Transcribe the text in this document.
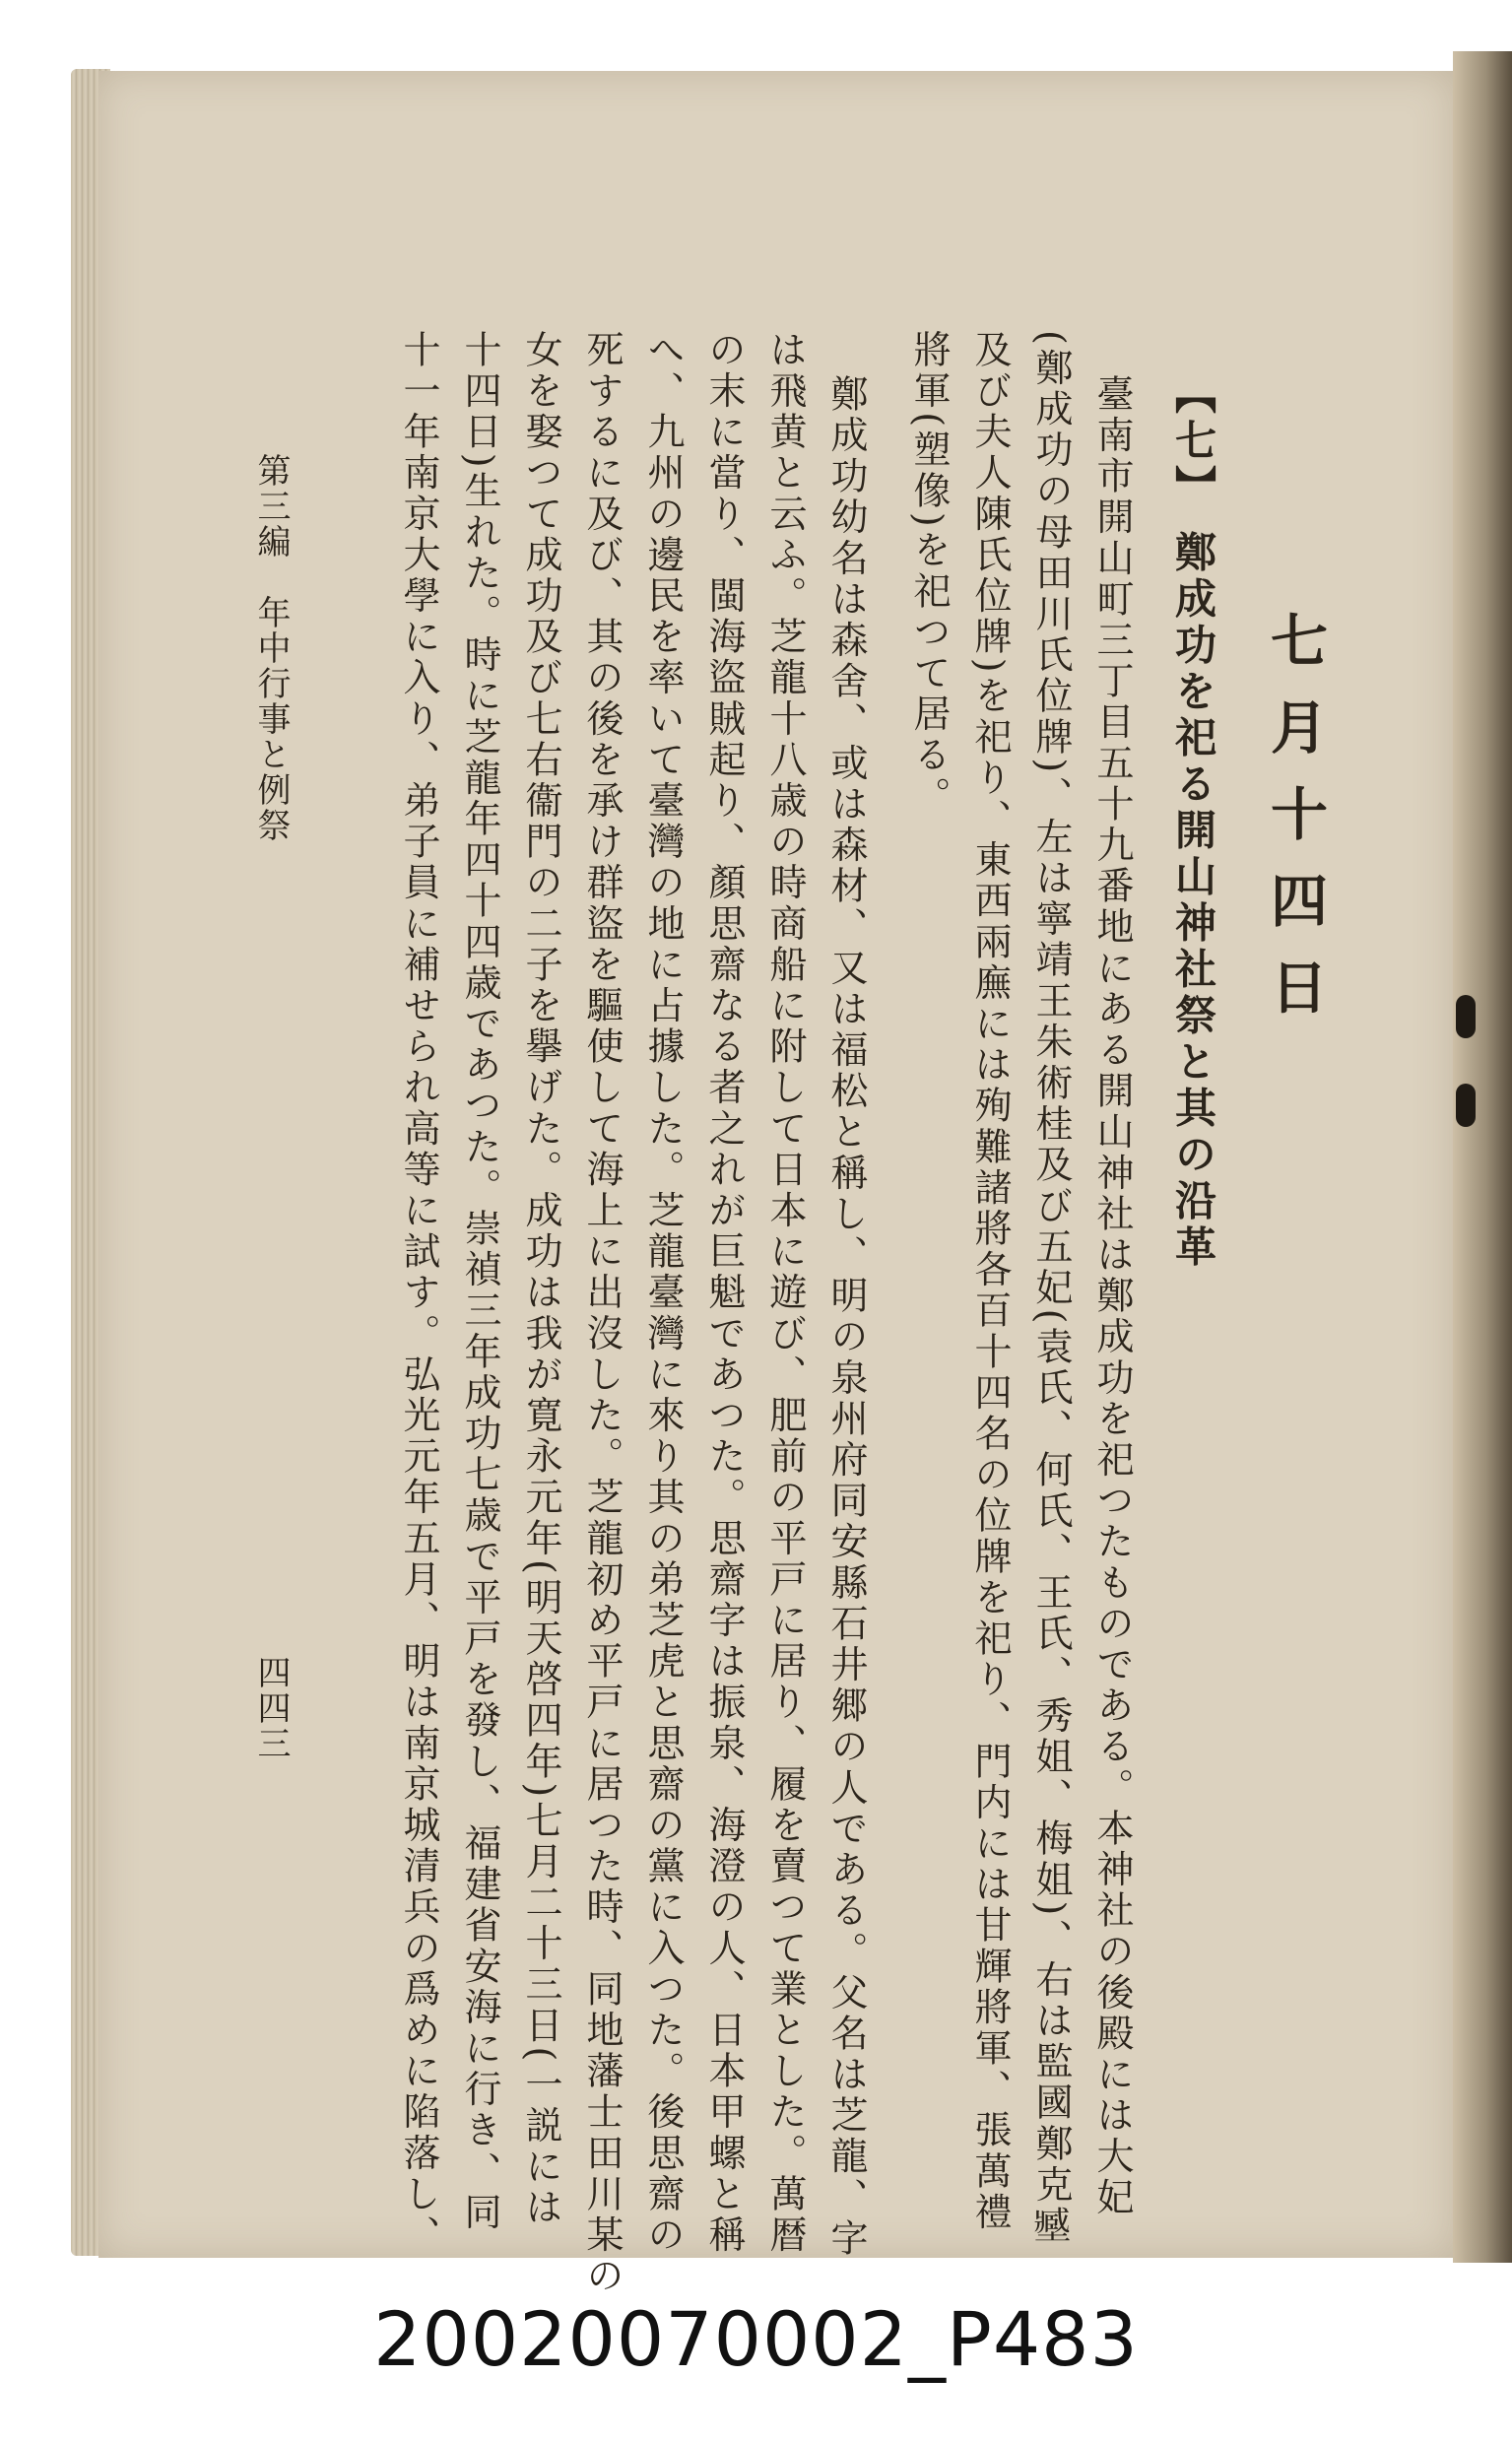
七月十四日
【七】 鄭成功を祀る開山神社祭と其の沿革
臺南市開山町三丁目五十九番地にある開山神社は鄭成功を祀つたものである。本神社の後殿には大妃
(鄭成功の母田川氏位牌)、左は寧靖王朱術桂及び五妃(袁氏、何氏、王氏、秀姐、梅姐)、右は監國鄭克𡒉
及び夫人陳氏位牌)を祀り、東西兩廡には殉難諸將各百十四名の位牌を祀り、門内には甘輝將軍、張萬禮
將軍(塑像)を祀つて居る。
鄭成功幼名は森舍、或は森材、又は福松と稱し、明の泉州府同安縣石井郷の人である。父名は芝龍、字
は飛黄と云ふ。芝龍十八歳の時商船に附して日本に遊び、肥前の平戸に居り、履を賣つて業とした。萬暦
の末に當り、閩海盜賊起り、顏思齋なる者之れが巨魁であつた。思齋字は振泉、海澄の人、日本甲螺と稱
へ、九州の邊民を率いて臺灣の地に占據した。芝龍臺灣に來り其の弟芝虎と思齋の黨に入つた。後思齋の
死するに及び、其の後を承け群盜を驅使して海上に出沒した。芝龍初め平戸に居つた時、同地藩士田川某の
女を娶つて成功及び七右衞門の二子を擧げた。成功は我が寛永元年(明天啓四年)七月二十三日(一説には
十四日)生れた。時に芝龍年四十四歳であつた。崇禎三年成功七歳で平戸を發し、福建省安海に行き、同
十一年南京大學に入り、弟子員に補せられ高等に試す。弘光元年五月、明は南京城清兵の爲めに陷落し、
第三編　年中行事と例祭
四四三
20020070002_P483
